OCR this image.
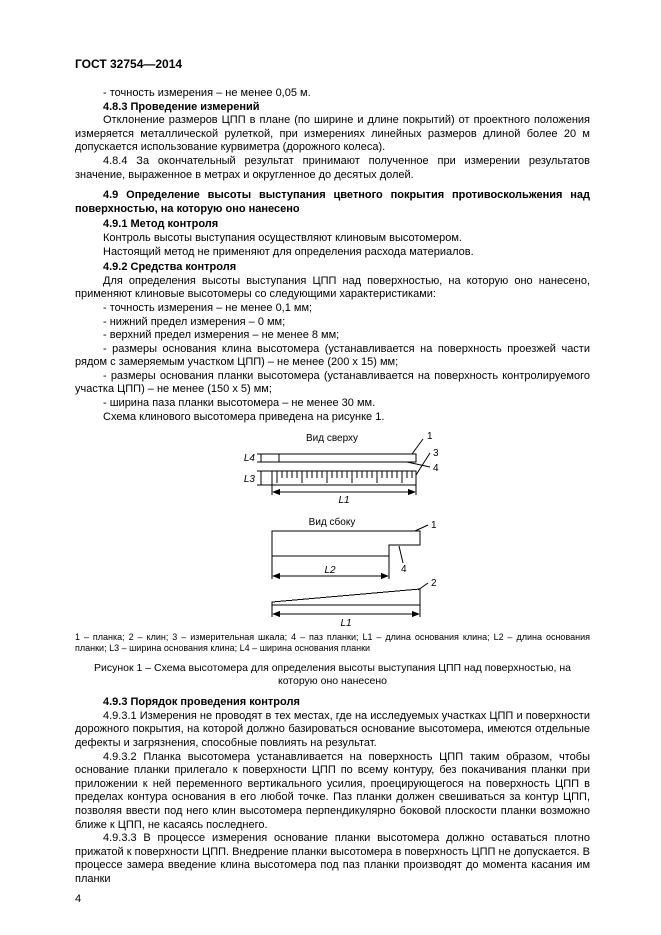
ГОСТ 32754—2014

- точность измерения – не менее 0,05 м.

4.8.3 Проведение измерений

Отклонение размеров ЦПП в плане (по ширине и длине покрытий) от проектного положения измеряется металлической рулеткой, при измерениях линейных размеров длиной более 20 м допускается использование курвиметра (дорожного колеса).

4.8.4 За окончательный результат принимают полученное при измерении результатов значение, выраженное в метрах и округленное до десятых долей.

4.9 Определение высоты выступания цветного покрытия противоскольжения над поверхностью, на которую оно нанесено

4.9.1 Метод контроля

Контроль высоты выступания осуществляют клиновым высотомером.

Настоящий метод не применяют для определения расхода материалов.

4.9.2 Средства контроля

Для определения высоты выступания ЦПП над поверхностью, на которую оно нанесено, применяют клиновые высотомеры со следующими характеристиками:

- точность измерения – не менее 0,1 мм;

- нижний предел измерения – 0 мм;

- верхний предел измерения – не менее 8 мм;

- размеры основания клина высотомера (устанавливается на поверхность проезжей части рядом с замеряемым участком ЦПП) – не менее (200 х 15) мм;

- размеры основания планки высотомера (устанавливается на поверхность контролируемого участка ЦПП) – не менее (150 х 5) мм;

- ширина паза планки высотомера – не менее 30 мм.

Схема клинового высотомера приведена на рисунке 1.

Вид сверху
L4
L3
L1
1
3
4
Вид сбоку	1
4
L2
2
L1
1 – планка; 2 – клин; 3 – измерительная шкала; 4 – паз планки; L1 – длина основания клина; L2 – длина основания планки; L3 – ширина основания клина; L4 – ширина основания планки
Рисунок 1 – Схема высотомера для определения высоты выступания ЦПП над поверхностью, на которую оно нанесено

4.9.3 Порядок проведения контроля

4.9.3.1 Измерения не проводят в тех местах, где на исследуемых участках ЦПП и поверхности дорожного покрытия, на которой должно базироваться основание высотомера, имеются отдельные дефекты и загрязнения, способные повлиять на результат.

4.9.3.2 Планка высотомера устанавливается на поверхность ЦПП таким образом, чтобы основание планки прилегало к поверхности ЦПП по всему контуру, без покачивания планки при приложении к ней переменного вертикального усилия, проецирующегося на поверхность ЦПП в пределах контура основания в его любой точке. Паз планки должен свешиваться за контур ЦПП, позволяя ввести под него клин высотомера перпендикулярно боковой плоскости планки возможно ближе к ЦПП, не касаясь последнего.

4.9.3.3 В процессе измерения основание планки высотомера должно оставаться плотно прижатой к поверхности ЦПП. Внедрение планки высотомера в поверхность ЦПП не допускается. В процессе замера введение клина высотомера под паз планки производят до момента касания им планки

4
